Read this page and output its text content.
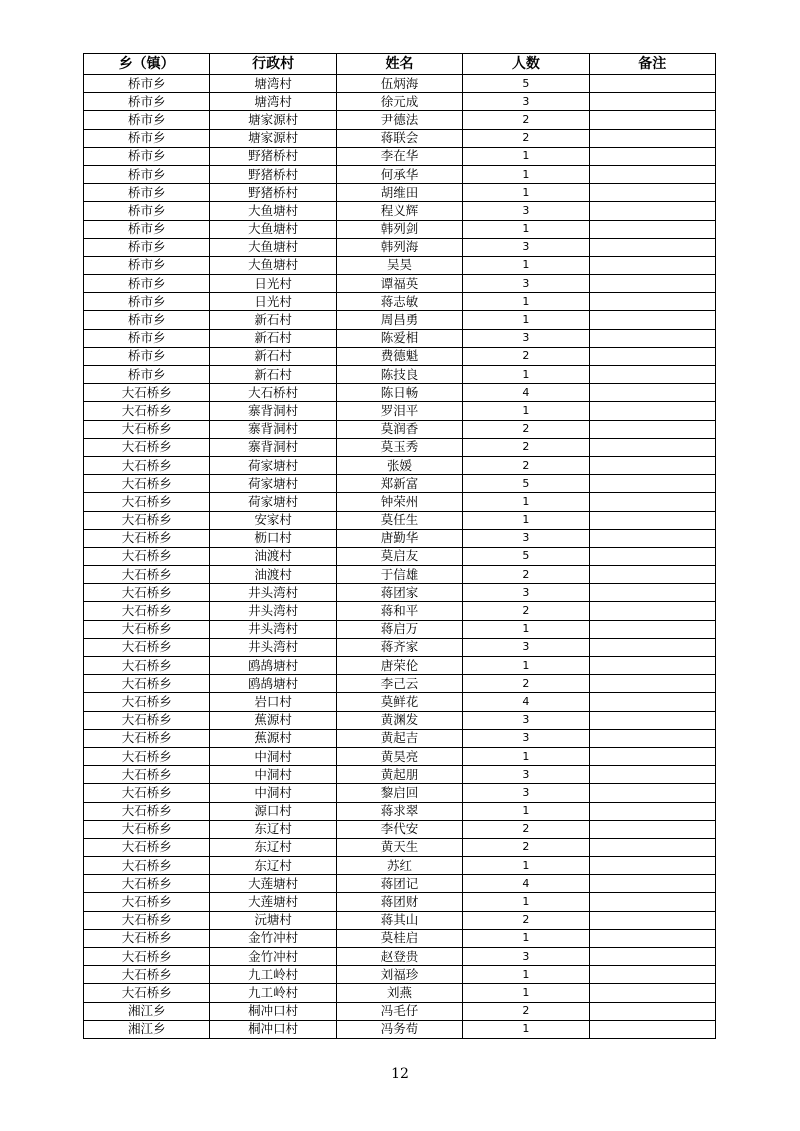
乡（镇）	行政村	姓名	人数	备注
桥市乡	塘湾村	伍炳海	5	
桥市乡	塘湾村	徐元成	3	
桥市乡	塘家源村	尹德法	2	
桥市乡	塘家源村	蒋联会	2	
桥市乡	野猪桥村	李在华	1	
桥市乡	野猪桥村	何承华	1	
桥市乡	野猪桥村	胡维田	1	
桥市乡	大鱼塘村	程义辉	3	
桥市乡	大鱼塘村	韩列剑	1	
桥市乡	大鱼塘村	韩列海	3	
桥市乡	大鱼塘村	吴昊	1	
桥市乡	日光村	谭福英	3	
桥市乡	日光村	蒋志敏	1	
桥市乡	新石村	周昌勇	1	
桥市乡	新石村	陈爱相	3	
桥市乡	新石村	费德魁	2	
桥市乡	新石村	陈技良	1	
大石桥乡	大石桥村	陈日畅	4	
大石桥乡	寨背洞村	罗泪平	1	
大石桥乡	寨背洞村	莫润香	2	
大石桥乡	寨背洞村	莫玉秀	2	
大石桥乡	荷家塘村	张媛	2	
大石桥乡	荷家塘村	郑新富	5	
大石桥乡	荷家塘村	钟荣州	1	
大石桥乡	安家村	莫任生	1	
大石桥乡	枥口村	唐勤华	3	
大石桥乡	油渡村	莫启友	5	
大石桥乡	油渡村	于信雄	2	
大石桥乡	井头湾村	蒋团家	3	
大石桥乡	井头湾村	蒋和平	2	
大石桥乡	井头湾村	蒋启万	1	
大石桥乡	井头湾村	蒋齐家	3	
大石桥乡	鸥鸪塘村	唐荣伦	1	
大石桥乡	鸥鸪塘村	李己云	2	
大石桥乡	岩口村	莫鲜花	4	
大石桥乡	蕉源村	黄渊发	3	
大石桥乡	蕉源村	黄起吉	3	
大石桥乡	中洞村	黄昊亮	1	
大石桥乡	中洞村	黄起朋	3	
大石桥乡	中洞村	黎启回	3	
大石桥乡	源口村	蒋求翠	1	
大石桥乡	东辽村	李代安	2	
大石桥乡	东辽村	黄天生	2	
大石桥乡	东辽村	苏红	1	
大石桥乡	大莲塘村	蒋团记	4	
大石桥乡	大莲塘村	蒋团财	1	
大石桥乡	沅塘村	蒋其山	2	
大石桥乡	金竹冲村	莫桂启	1	
大石桥乡	金竹冲村	赵登贵	3	
大石桥乡	九工岭村	刘福珍	1	
大石桥乡	九工岭村	刘燕	1	
湘江乡	桐冲口村	冯毛仔	2	
湘江乡	桐冲口村	冯务苟	1	
12
